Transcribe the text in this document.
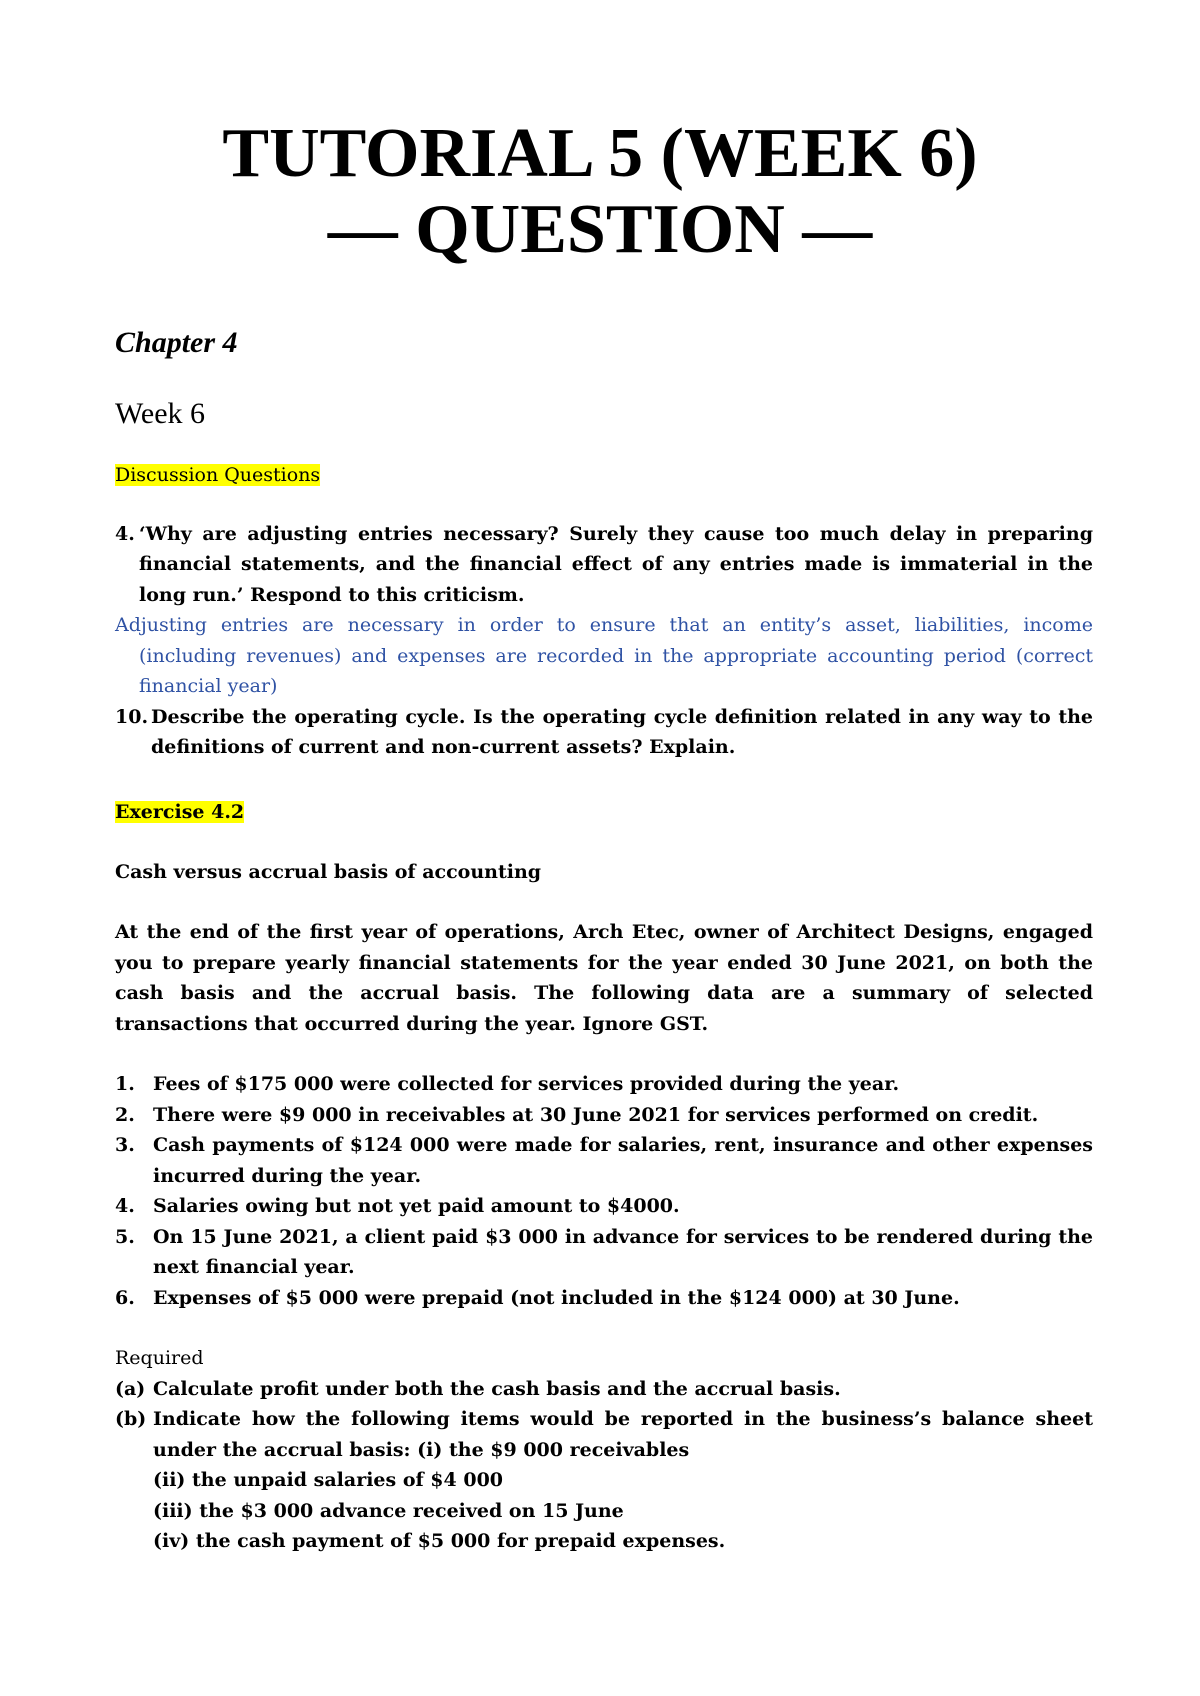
TUTORIAL 5 (WEEK 6)
— QUESTION —
Chapter 4
Week 6
Discussion Questions
4. ‘Why are adjusting entries necessary? Surely they cause too much delay in preparing financial statements, and the financial effect of any entries made is immaterial in the long run.’ Respond to this criticism.
Adjusting entries are necessary in order to ensure that an entity’s asset, liabilities, income (including revenues) and expenses are recorded in the appropriate accounting period (correct financial year)
10. Describe the operating cycle. Is the operating cycle definition related in any way to the definitions of current and non-current assets? Explain.
Exercise 4.2
Cash versus accrual basis of accounting

At the end of the first year of operations, Arch Etec, owner of Architect Designs, engaged you to prepare yearly financial statements for the year ended 30 June 2021, on both the cash basis and the accrual basis. The following data are a summary of selected transactions that occurred during the year. Ignore GST.

1. Fees of $175 000 were collected for services provided during the year.
2. There were $9 000 in receivables at 30 June 2021 for services performed on credit.
3. Cash payments of $124 000 were made for salaries, rent, insurance and other expenses incurred during the year.
4. Salaries owing but not yet paid amount to $4000.
5. On 15 June 2021, a client paid $3 000 in advance for services to be rendered during the next financial year.
6. Expenses of $5 000 were prepaid (not included in the $124 000) at 30 June.
Required
(a) Calculate profit under both the cash basis and the accrual basis.
(b) Indicate how the following items would be reported in the business’s balance sheet under the accrual basis: (i) the $9 000 receivables
(ii) the unpaid salaries of $4 000
(iii) the $3 000 advance received on 15 June
(iv) the cash payment of $5 000 for prepaid expenses.
